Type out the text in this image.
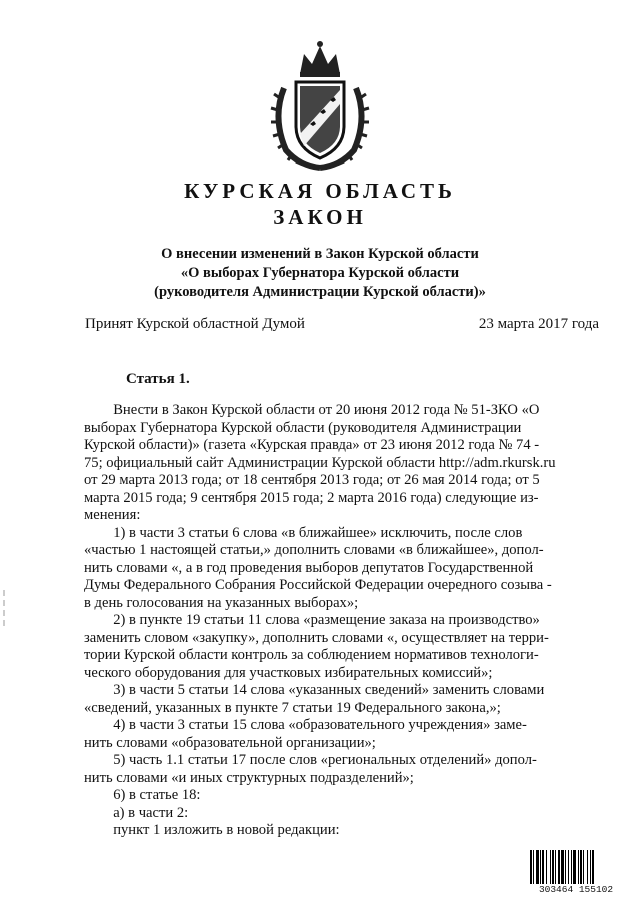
КУРСКАЯ ОБЛАСТЬ
ЗАКОН
О внесении изменений в Закон Курской области
«О выборах Губернатора Курской области
(руководителя Администрации Курской области)»
Принят Курской областной Думой	23 марта 2017 года
Статья 1.
Внести в Закон Курской области от 20 июня 2012 года № 51-ЗКО «О
выборах Губернатора Курской области (руководителя Администрации
Курской области)» (газета «Курская правда» от 23 июня 2012 года № 74 -
75; официальный сайт Администрации Курской области http://adm.rkursk.ru
от 29 марта 2013 года; от 18 сентября 2013 года; от 26 мая 2014 года; от 5
марта 2015 года; 9 сентября 2015 года; 2 марта 2016 года) следующие из-
менения:
1) в части 3 статьи 6 слова «в ближайшее» исключить, после слов
«частью 1 настоящей статьи,» дополнить словами «в ближайшее», допол-
нить словами «, а в год проведения выборов депутатов Государственной
Думы Федерального Собрания Российской Федерации очередного созыва -
в день голосования на указанных выборах»;
2) в пункте 19 статьи 11 слова «размещение заказа на производство»
заменить словом «закупку», дополнить словами «, осуществляет на терри-
тории Курской области контроль за соблюдением нормативов технологи-
ческого оборудования для участковых избирательных комиссий»;
3) в части 5 статьи 14 слова «указанных сведений» заменить словами
«сведений, указанных в пункте 7 статьи 19 Федерального закона,»;
4) в части 3 статьи 15 слова «образовательного учреждения» заме-
нить словами «образовательной организации»;
5) часть 1.1 статьи 17 после слов «региональных отделений» допол-
нить словами «и иных структурных подразделений»;
6) в статье 18:
а) в части 2:
пункт 1 изложить в новой редакции:
303464 155102
